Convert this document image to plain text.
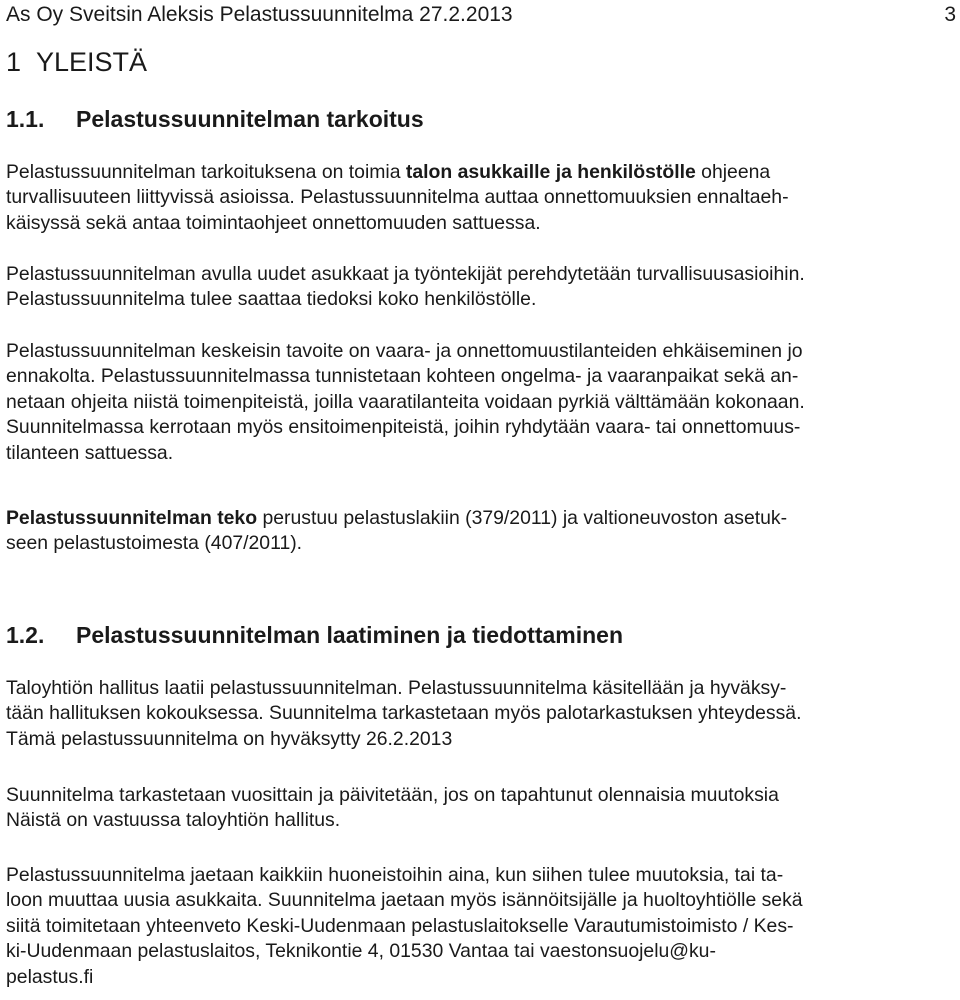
As Oy Sveitsin Aleksis Pelastussuunnitelma 27.2.2013	3
1 YLEISTÄ
1.1. Pelastussuunnitelman tarkoitus
Pelastussuunnitelman tarkoituksena on toimia talon asukkaille ja henkilöstölle ohjeena
turvallisuuteen liittyvissä asioissa. Pelastussuunnitelma auttaa onnettomuuksien ennaltaeh-
käisyssä sekä antaa toimintaohjeet onnettomuuden sattuessa.
Pelastussuunnitelman avulla uudet asukkaat ja työntekijät perehdytetään turvallisuusasioihin.
Pelastussuunnitelma tulee saattaa tiedoksi koko henkilöstölle.
Pelastussuunnitelman keskeisin tavoite on vaara- ja onnettomuustilanteiden ehkäiseminen jo
ennakolta. Pelastussuunnitelmassa tunnistetaan kohteen ongelma- ja vaaranpaikat sekä an-
netaan ohjeita niistä toimenpiteistä, joilla vaaratilanteita voidaan pyrkiä välttämään kokonaan.
Suunnitelmassa kerrotaan myös ensitoimenpiteistä, joihin ryhdytään vaara- tai onnettomuus-
tilanteen sattuessa.
Pelastussuunnitelman teko perustuu pelastuslakiin (379/2011) ja valtioneuvoston asetuk-
seen pelastustoimesta (407/2011).
1.2. Pelastussuunnitelman laatiminen ja tiedottaminen
Taloyhtiön hallitus laatii pelastussuunnitelman. Pelastussuunnitelma käsitellään ja hyväksy-
tään hallituksen kokouksessa. Suunnitelma tarkastetaan myös palotarkastuksen yhteydessä.
Tämä pelastussuunnitelma on hyväksytty 26.2.2013
Suunnitelma tarkastetaan vuosittain ja päivitetään, jos on tapahtunut olennaisia muutoksia
Näistä on vastuussa taloyhtiön hallitus.
Pelastussuunnitelma jaetaan kaikkiin huoneistoihin aina, kun siihen tulee muutoksia, tai ta-
loon muuttaa uusia asukkaita. Suunnitelma jaetaan myös isännöitsijälle ja huoltoyhtiölle sekä
siitä toimitetaan yhteenveto Keski-Uudenmaan pelastuslaitokselle Varautumistoimisto / Kes-
ki-Uudenmaan pelastuslaitos, Teknikontie 4, 01530 Vantaa tai vaestonsuojelu@ku-
pelastus.fi
